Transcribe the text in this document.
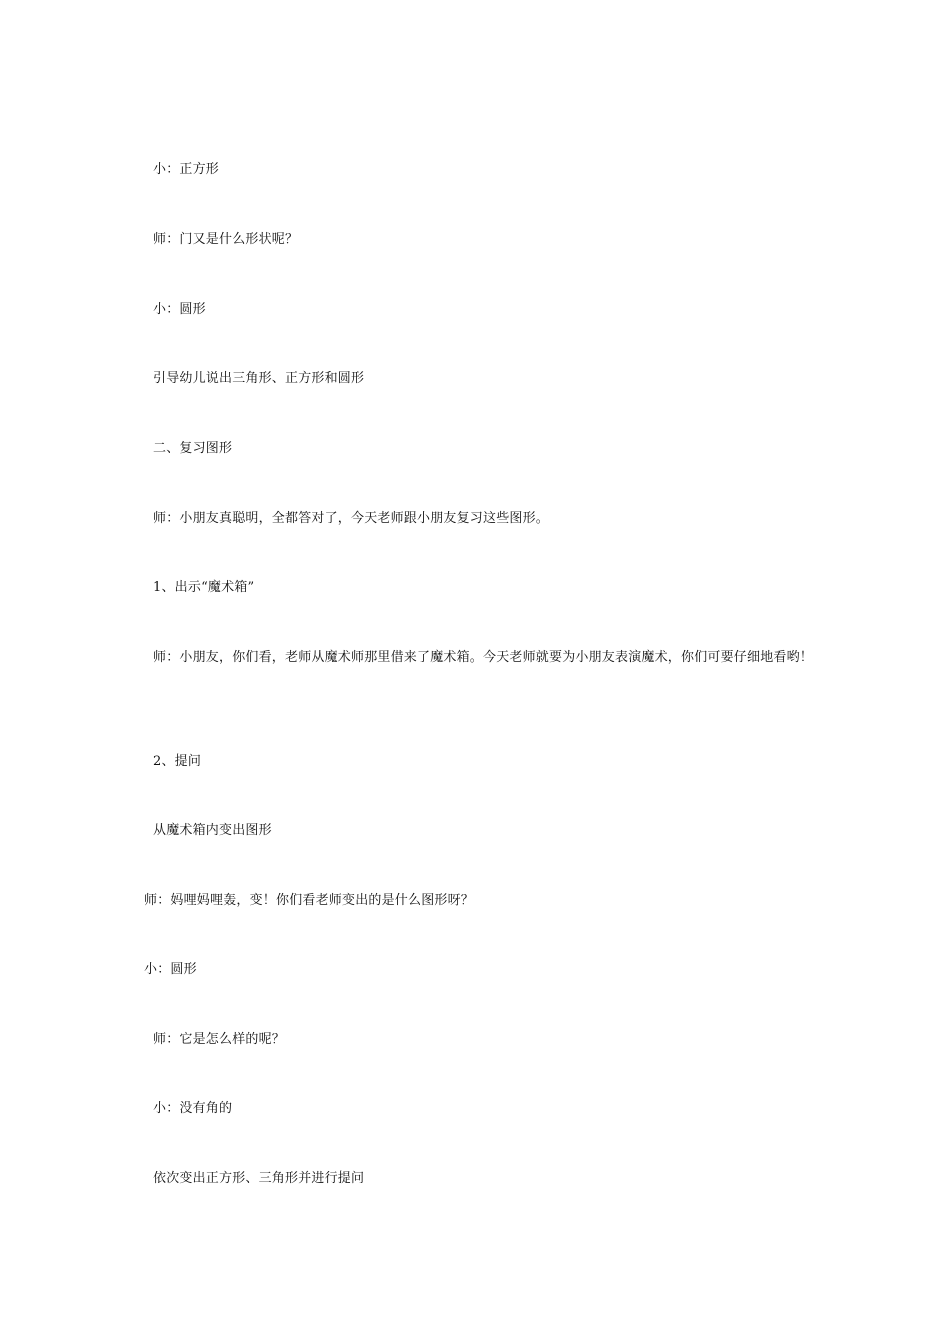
小：正方形

师：门又是什么形状呢？

小：圆形

引导幼儿说出三角形、正方形和圆形

二、复习图形

师：小朋友真聪明，全都答对了，今天老师跟小朋友复习这些图形。

1、出示“魔术箱”

师：小朋友，你们看，老师从魔术师那里借来了魔术箱。今天老师就要为小朋友表演魔术，你们可要仔细地看哟！

2、提问

从魔术箱内变出图形

师：妈哩妈哩轰，变！你们看老师变出的是什么图形呀？

小：圆形

师：它是怎么样的呢？

小：没有角的

依次变出正方形、三角形并进行提问
